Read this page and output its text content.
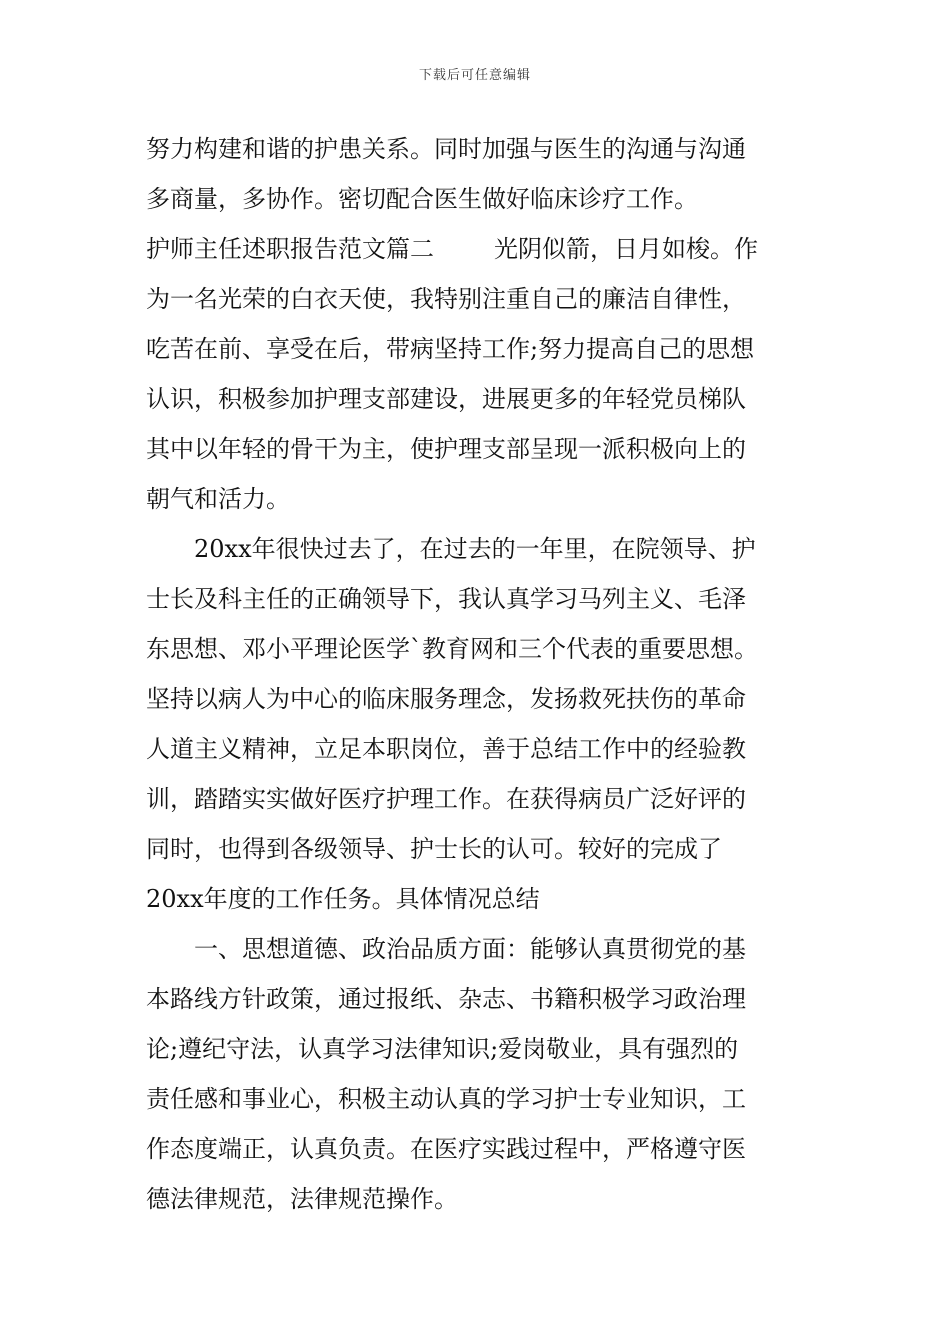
下载后可任意编辑
努力构建和谐的护患关系。同时加强与医生的沟通与沟通
多商量，多协作。密切配合医生做好临床诊疗工作。
护师主任述职报告范文篇二	光阴似箭，日月如梭。作
为一名光荣的白衣天使，我特别注重自己的廉洁自律性，
吃苦在前、享受在后，带病坚持工作;努力提高自己的思想
认识，积极参加护理支部建设，进展更多的年轻党员梯队
其中以年轻的骨干为主，使护理支部呈现一派积极向上的
朝气和活力。
20xx年很快过去了，在过去的一年里，在院领导、护
士长及科主任的正确领导下，我认真学习马列主义、毛泽
东思想、邓小平理论医学`教育网和三个代表的重要思想。
坚持以病人为中心的临床服务理念，发扬救死扶伤的革命
人道主义精神，立足本职岗位，善于总结工作中的经验教
训，踏踏实实做好医疗护理工作。在获得病员广泛好评的
同时，也得到各级领导、护士长的认可。较好的完成了
20xx年度的工作任务。具体情况总结
一、思想道德、政治品质方面：能够认真贯彻党的基
本路线方针政策，通过报纸、杂志、书籍积极学习政治理
论;遵纪守法，认真学习法律知识;爱岗敬业，具有强烈的
责任感和事业心，积极主动认真的学习护士专业知识，工
作态度端正，认真负责。在医疗实践过程中，严格遵守医
德法律规范，法律规范操作。
